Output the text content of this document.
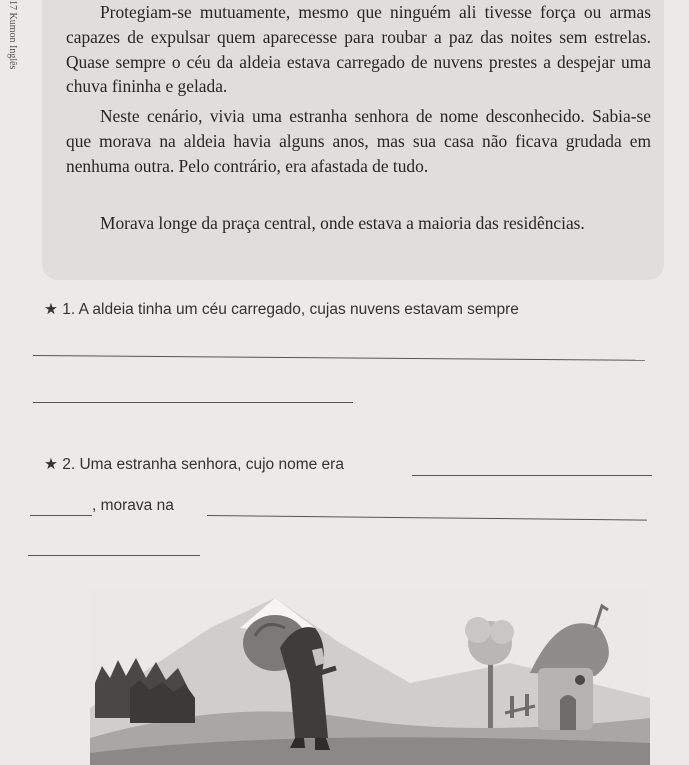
17 Kumon Inglês	Protegiam-se mutuamente, mesmo que ninguém ali tivesse força ou armas capazes de expulsar quem aparecesse para roubar a paz das noites sem estrelas. Quase sempre o céu da aldeia estava carregado de nuvens prestes a despejar uma chuva fininha e gelada.

Neste cenário, vivia uma estranha senhora de nome desconhecido. Sabia-se que morava na aldeia havia alguns anos, mas sua casa não ficava grudada em nenhuma outra. Pelo contrário, era afastada de tudo.

Morava longe da praça central, onde estava a maioria das residências.

★ 1. A aldeia tinha um céu carregado, cujas nuvens estavam sempre
★ 2. Uma estranha senhora, cujo nome era
, morava na
